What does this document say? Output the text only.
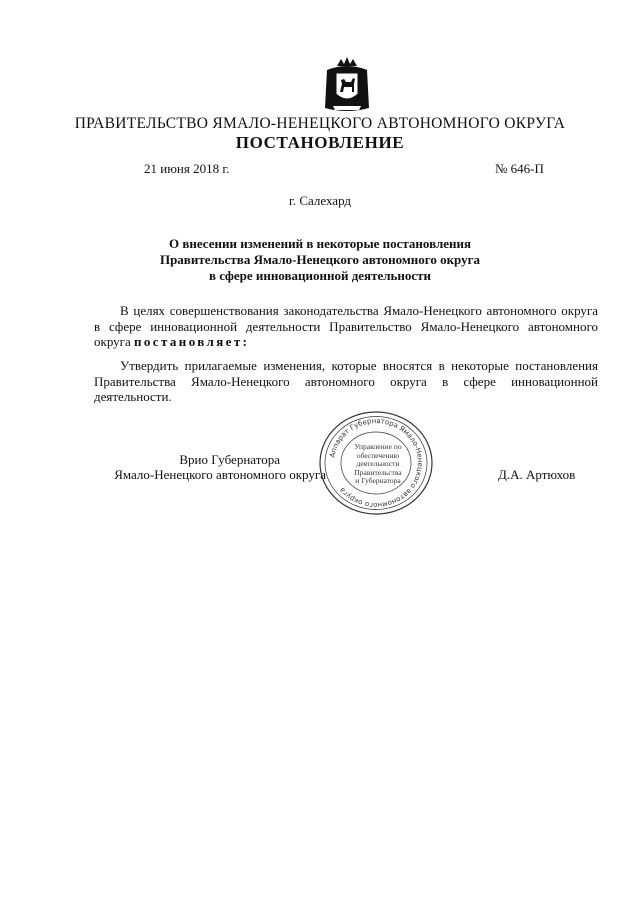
ПРАВИТЕЛЬСТВО ЯМАЛО-НЕНЕЦКОГО АВТОНОМНОГО ОКРУГА
ПОСТАНОВЛЕНИЕ
21 июня 2018 г.	№ 646-П
г. Салехард
О внесении изменений в некоторые постановления
Правительства Ямало-Ненецкого автономного округа
в сфере инновационной деятельности
В целях совершенствования законодательства Ямало-Ненецкого автономного округа в сфере инновационной деятельности Правительство Ямало-Ненецкого автономного округа постановляет:
Утвердить прилагаемые изменения, которые вносятся в некоторые постановления Правительства Ямало-Ненецкого автономного округа в сфере инновационной деятельности.
Врио Губернатора
Ямало-Ненецкого автономного округа	Д.А. Артюхов
Аппарат Губернатора Ямало-Ненецкого автономного округа
Управление по
обеспечению
деятельности
Правительства
и Губернатора
